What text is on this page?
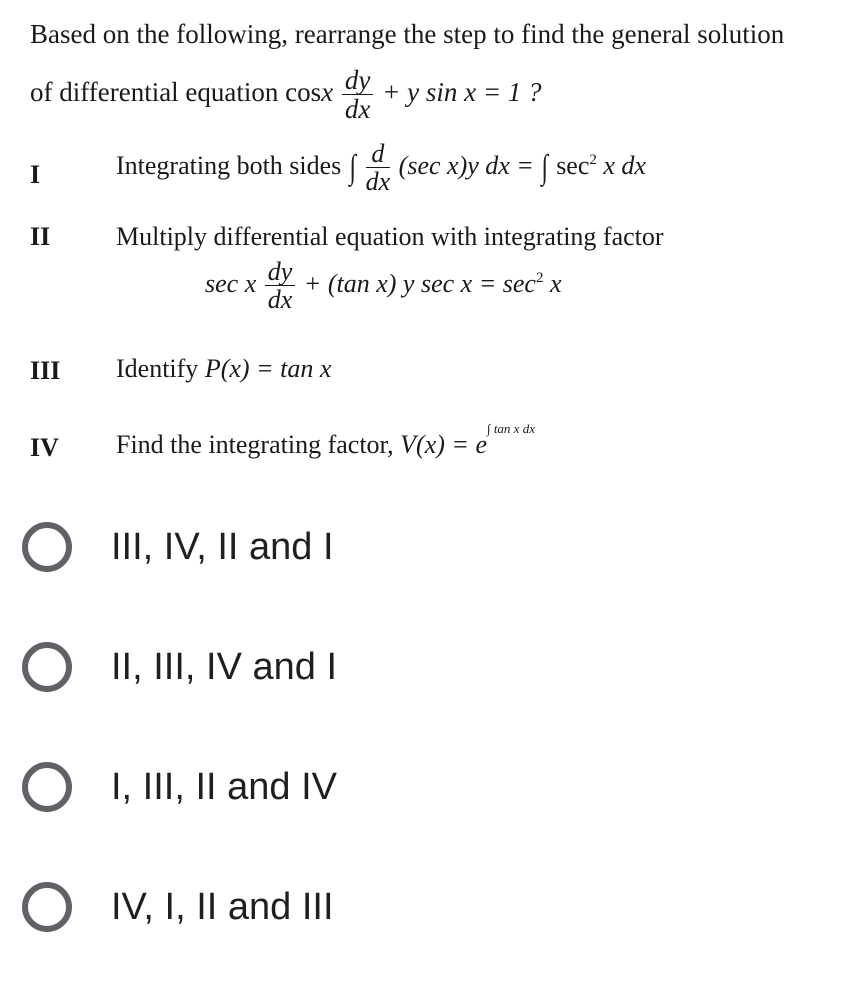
Based on the following, rearrange the step to find the general solution
of differential equation cosx $\frac{dy}{dx} + y$ sin x = 1 ?
I	Integrating both sides ∫ $\frac{d}{dx} (\sec$ x)y dx = ∫ $\sec^2 x$ dx
II	Multiply differential equation with integrating factor
sec x $\frac{dy}{dx} + (\tan$ x) y $\sec x = \sec^2 x$
III Identify P(x) = tan x
IV Find the integrating factor, $V(x) = e^{\int tan x dx}$
III, IV, II and I
II, III, IV and I
I, III, II and IV
IV, I, II and III
